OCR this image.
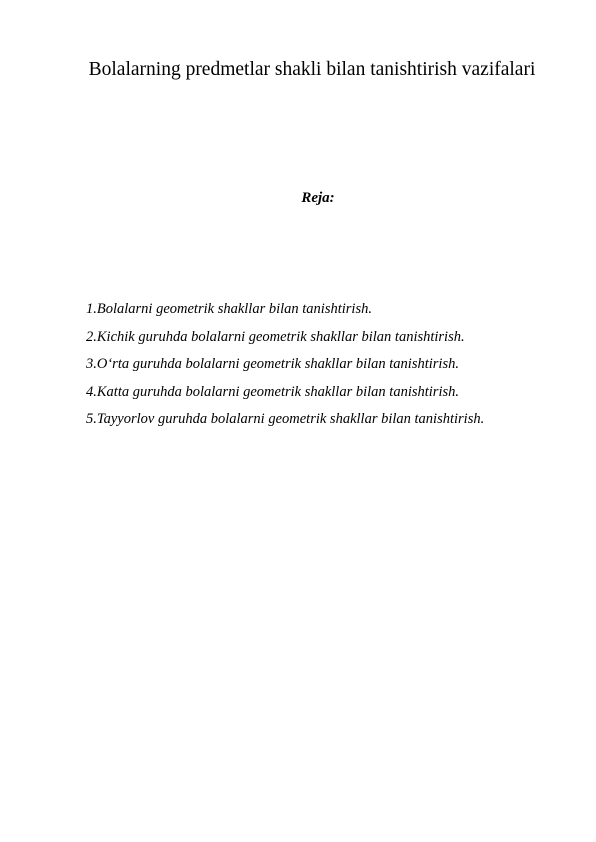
Bolalarning predmetlar shakli bilan tanishtirish vazifalari
Reja:
1.Bolalarni geometrik shakllar bilan tanishtirish.
2.Kichik guruhda bolalarni geometrik shakllar bilan tanishtirish.
3.O‘rta guruhda bolalarni geometrik shakllar bilan tanishtirish.
4.Katta guruhda bolalarni geometrik shakllar bilan tanishtirish.
5.Tayyorlov guruhda bolalarni geometrik shakllar bilan tanishtirish.
